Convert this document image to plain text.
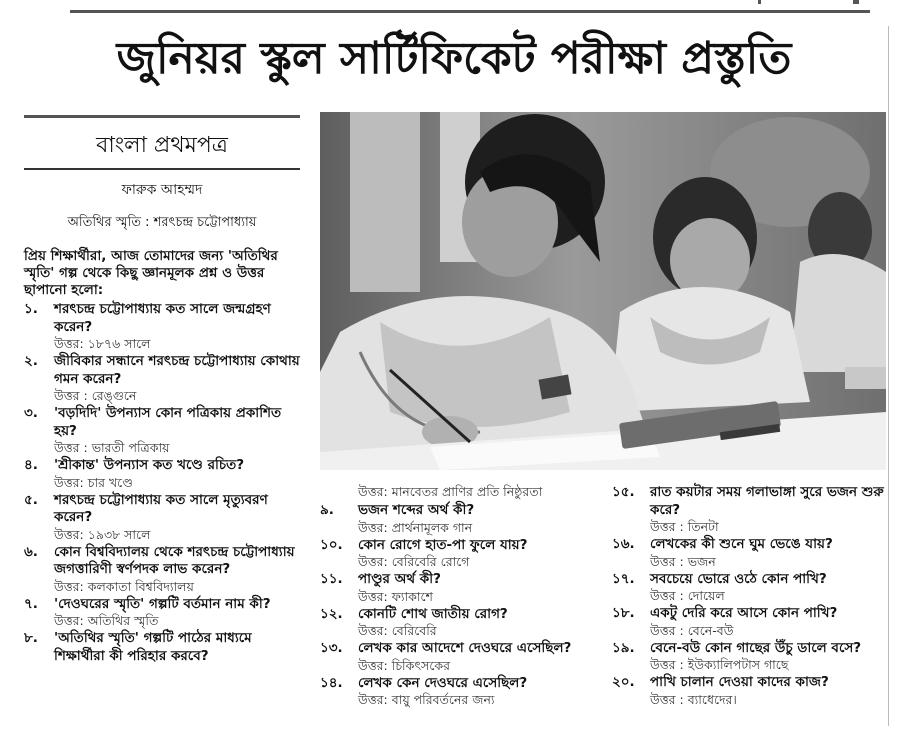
জুনিয়র স্কুল সার্টিফিকেট পরীক্ষা প্রস্তুতি
বাংলা প্রথমপত্র
ফারুক আহম্মদ
অতিথির স্মৃতি : শরৎচন্দ্র চট্টোপাধ্যায়
প্রিয় শিক্ষার্থীরা, আজ তোমাদের জন্য 'অতিথির স্মৃতি' গল্প থেকে কিছু জ্ঞানমূলক প্রশ্ন ও উত্তর ছাপানো হলো:
১.	শরৎচন্দ্র চট্টোপাধ্যায় কত সালে জন্মগ্রহণ করেন?
উত্তর: ১৮৭৬ সালে
২.	জীবিকার সন্ধানে শরৎচন্দ্র চট্টোপাধ্যায় কোথায় গমন করেন?
উত্তর : রেঙ্গুনে
৩.	'বড়দিদি' উপন্যাস কোন পত্রিকায় প্রকাশিত হয়?
উত্তর : ভারতী পত্রিকায়
৪.	'শ্রীকান্ত' উপন্যাস কত খণ্ডে রচিত?
উত্তর: চার খণ্ডে
৫.	শরৎচন্দ্র চট্টোপাধ্যায় কত সালে মৃত্যুবরণ করেন?
উত্তর: ১৯৩৮ সালে
৬.	কোন বিশ্ববিদ্যালয় থেকে শরৎচন্দ্র চট্টোপাধ্যায় জগত্তারিণী স্বর্ণপদক লাভ করেন?
উত্তর: কলকাতা বিশ্ববিদ্যালয়
৭.	'দেওঘরের স্মৃতি' গল্পটি বর্তমান নাম কী?
উত্তর: অতিথির স্মৃতি
৮.	'অতিথির স্মৃতি' গল্পটি পাঠের মাধ্যমে শিক্ষার্থীরা কী পরিহার করবে?
উত্তর: মানবেতর প্রাণির প্রতি নিষ্ঠুরতা
৯.	ভজন শব্দের অর্থ কী?
উত্তর: প্রার্থনামূলক গান
১০.	কোন রোগে হাত-পা ফুলে যায়?
উত্তর: বেরিবেরি রোগে
১১.	পাণ্ডুর অর্থ কী?
উত্তর: ফ্যাকাশে
১২.	কোনটি শোথ জাতীয় রোগ?
উত্তর: বেরিবেরি
১৩.	লেখক কার আদেশে দেওঘরে এসেছিল?
উত্তর: চিকিৎসকের
১৪.	লেখক কেন দেওঘরে এসেছিল?
উত্তর: বায়ু পরিবর্তনের জন্য
১৫.	রাত কয়টার সময় গলাভাঙ্গা সুরে ভজন শুরু করে?
উত্তর : তিনটা
১৬.	লেখকের কী শুনে ঘুম ভেঙে যায়?
উত্তর : ভজন
১৭.	সবচেয়ে ভোরে ওঠে কোন পাখি?
উত্তর : দোয়েল
১৮.	একটু দেরি করে আসে কোন পাখি?
উত্তর : বেনে-বউ
১৯.	বেনে-বউ কোন গাছের উঁচু ডালে বসে?
উত্তর : ইউক্যালিপটাস গাছে
২০.	পাখি চালান দেওয়া কাদের কাজ?
উত্তর : ব্যাধেদের।
